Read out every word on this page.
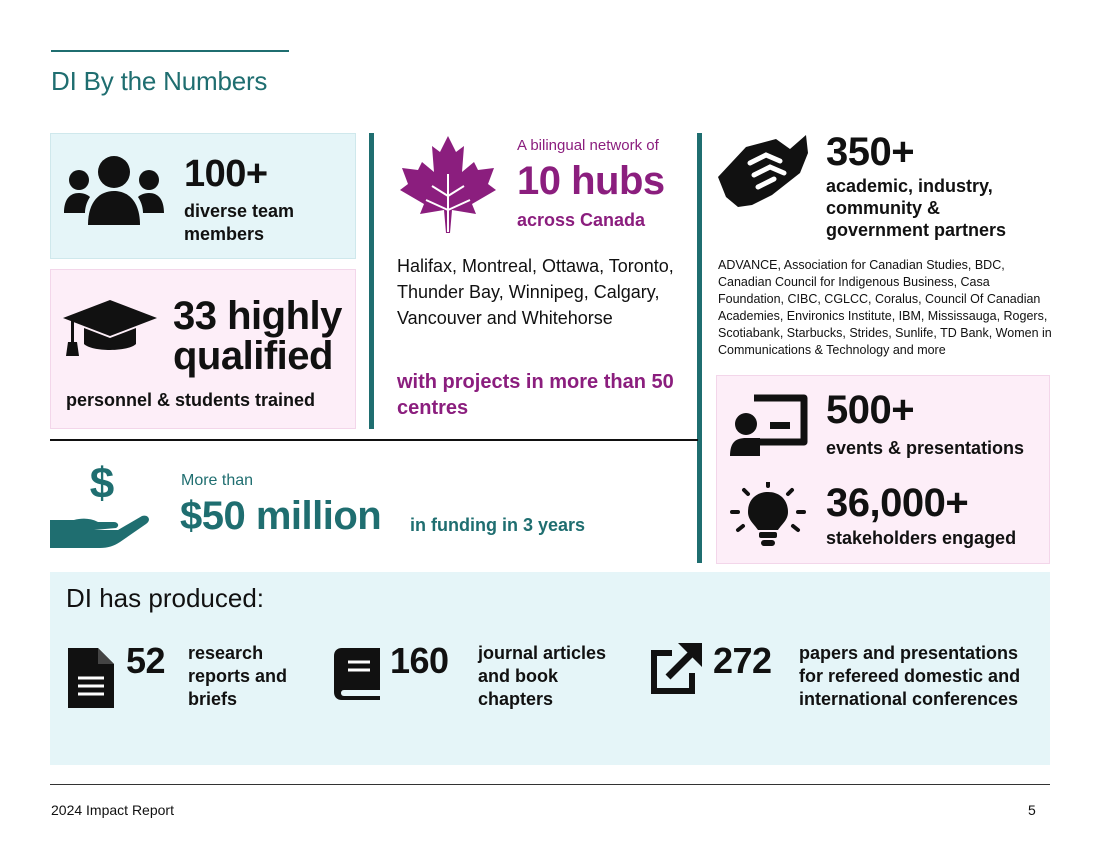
DI By the Numbers
100+
diverse team members
33 highly qualified
personnel & students trained
A bilingual network of
10 hubs
across Canada
Halifax, Montreal, Ottawa, Toronto, Thunder Bay, Winnipeg, Calgary, Vancouver and Whitehorse
with projects in more than 50 centres
350+
academic, industry, community & government partners
ADVANCE, Association for Canadian Studies, BDC, Canadian Council for Indigenous Business, Casa Foundation, CIBC, CGLCC, Coralus, Council Of Canadian Academies, Environics Institute, IBM, Mississauga, Rogers, Scotiabank, Starbucks, Strides, Sunlife, TD Bank, Women in Communications & Technology and more
500+
events & presentations
36,000+
stakeholders engaged
$	More than
$50 million in funding in 3 years
DI has produced:
52 research reports and briefs
160 journal articles and book chapters
272 papers and presentations for refereed domestic and international conferences
2024 Impact Report	5
